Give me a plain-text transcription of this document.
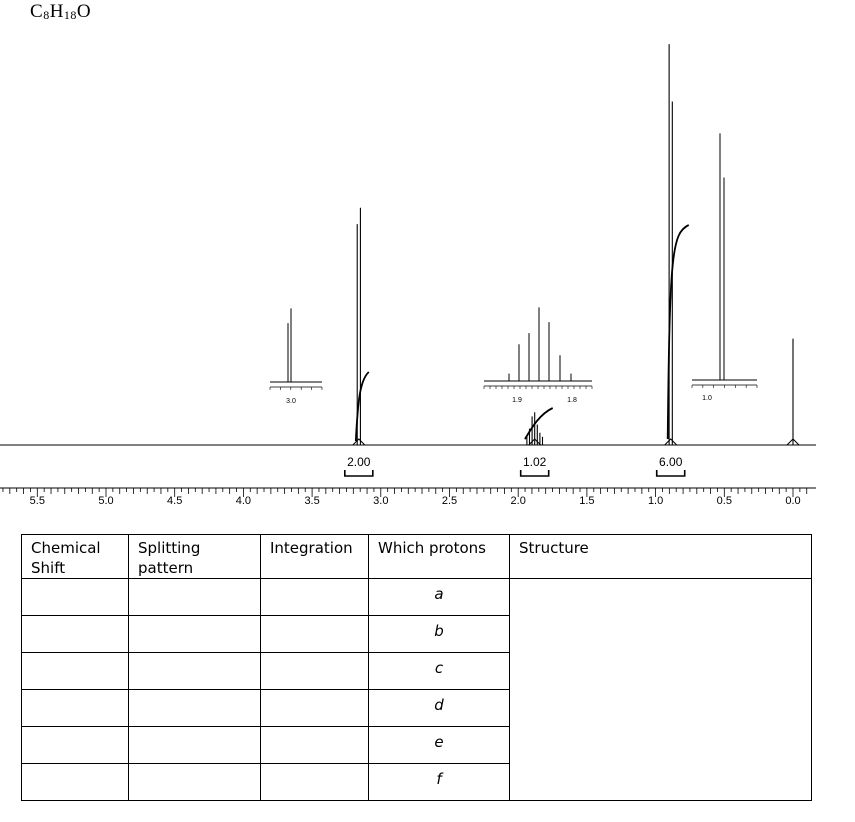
$C_8H_{18}O$
5.5	5.0	4.5	4.0	3.5	3.0	2.5	2.0	1.5	1.0	0.5	0.0
2.00	1.02	6.00
3.0	1.9	1.8	1.0
Chemical Shift	Splitting pattern	Integration	Which protons	Structure
			a	
			b	
			c	
			d	
			e	
			f	
